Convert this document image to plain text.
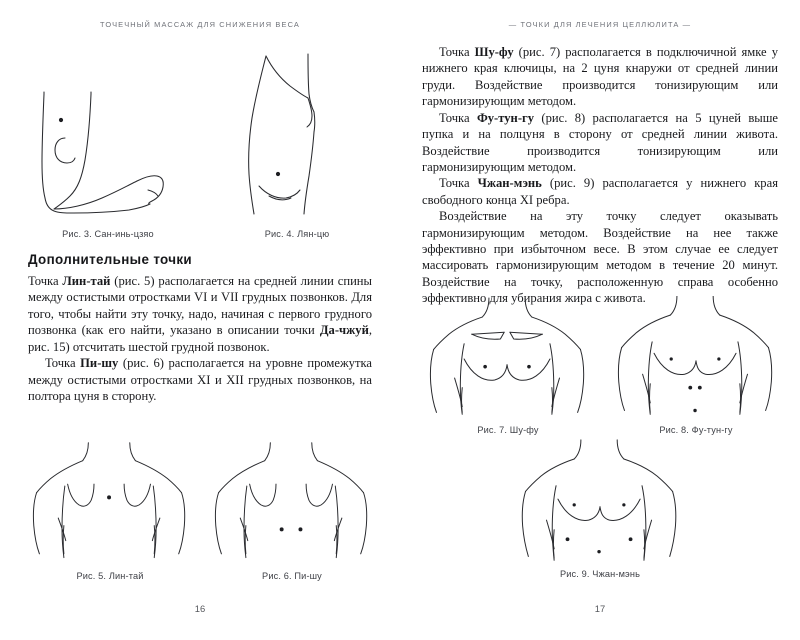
ТОЧЕЧНЫЙ МАССАЖ ДЛЯ СНИЖЕНИЯ ВЕСА
Рис. 3. Сан-инь-цзяо	Рис. 4. Лян-цю
Дополнительные точки

Точка Лин-тай (рис. 5) располагается на средней линии спины между остистыми отростками VI и VII грудных позвонков. Для того, чтобы найти эту точку, надо, начиная с первого грудного позвонка (как его найти, указано в описании точки Да-чжуй, рис. 15) отсчитать шестой грудной позвонок.

Точка Пи-шу (рис. 6) располагается на уровне промежутка между остистыми отростками XI и XII грудных позвонков, на полтора цуня в сторону.

Рис. 5. Лин-тай	Рис. 6. Пи-шу
16
— ТОЧКИ ДЛЯ ЛЕЧЕНИЯ ЦЕЛЛЮЛИТА —

Точка Шу-фу (рис. 7) располагается в подключичной ямке у нижнего края ключицы, на 2 цуня кнаружи от средней линии груди. Воздействие производится тонизирующим или гармонизирующим методом.

Точка Фу-тун-гу (рис. 8) располагается на 5 цуней выше пупка и на полцуня в сторону от средней линии живота. Воздействие производится тонизирующим или гармонизирующим методом.

Точка Чжан-мэнь (рис. 9) располагается у нижнего края свободного конца XI ребра.

Воздействие на эту точку следует оказывать гармонизирующим методом. Воздействие на нее также эффективно при избыточном весе. В этом случае ее следует массировать гармонизирующим методом в течение 20 минут. Воздействие на точку, расположенную справа особенно эффективно для убирания жира с живота.

Рис. 7. Шу-фу	Рис. 8. Фу-тун-гу
Рис. 9. Чжан-мэнь
17
